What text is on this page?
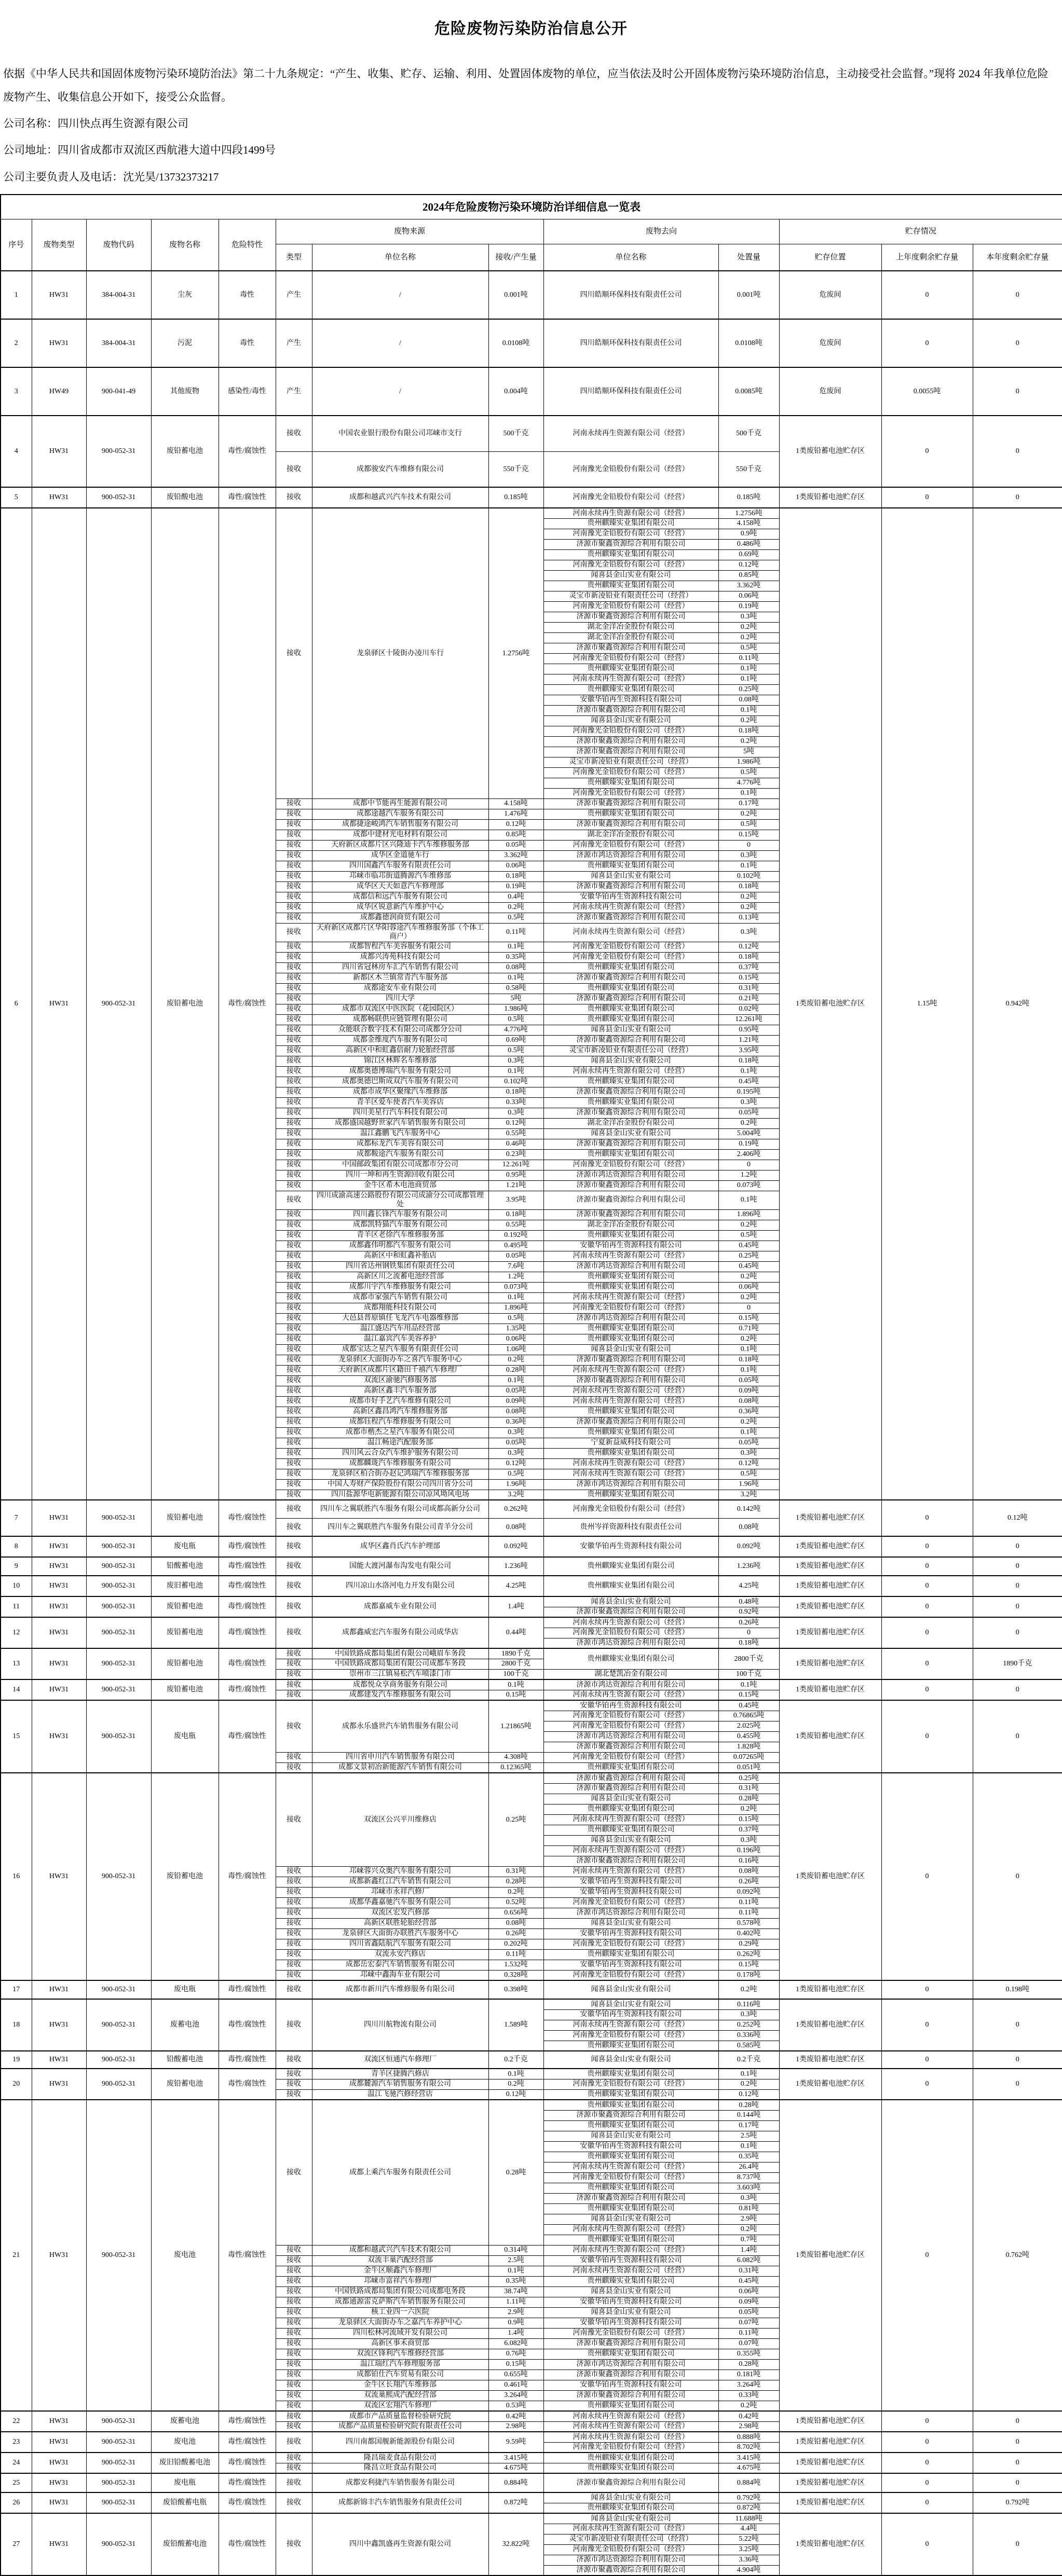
危险废物污染防治信息公开

依据《中华人民共和国固体废物污染环境防治法》第二十九条规定：“产生、收集、贮存、运输、利用、处置固体废物的单位，应当依法及时公开固体废物污染环境防治信息，主动接受社会监督。”现将 2024 年我单位危险废物产生、收集信息公开如下，接受公众监督。

公司名称：四川快点再生资源有限公司

公司地址：四川省成都市双流区西航港大道中四段1499号

公司主要负责人及电话：沈光昊/13732373217

2024年危险废物污染环境防治详细信息一览表												
序号	废物类型	废物代码	废物名称	危险特性	废物来源			废物去向		贮存情况		
					类型	单位名称	接收/产生量	单位名称	处置量	贮存位置	上年度剩余贮存量	本年度剩余贮存量
1	HW31	384-004-31	尘灰	毒性	产生	/	0.001吨	四川皓顺环保科技有限责任公司	0.001吨	危废间	0	0
2	HW31	384-004-31	污泥	毒性	产生	/	0.0108吨	四川皓顺环保科技有限责任公司	0.0108吨	危废间	0	0
3	HW49	900-041-49	其他废物	感染性/毒性	产生	/	0.004吨	四川皓顺环保科技有限责任公司	0.0085吨	危废间	0.0055吨	0
4	HW31	900-052-31	废铅蓄电池	毒性/腐蚀性	接收	中国农业银行股份有限公司邛崃市支行	500千克	河南永续再生资源有限公司（经营）	500千克	1类废铅蓄电池贮存区	0	0
					接收	成都骏安汽车维修有限公司	550千克	河南豫光金铅股份有限公司（经营）	550千克			
5	HW31	900-052-31	废铅酸电池	毒性/腐蚀性	接收	成都和越武兴汽车技术有限公司	0.185吨	河南豫光金铅股份有限公司（经营）	0.185吨	1类废铅蓄电池贮存区	0	0
6	HW31	900-052-31	废铅蓄电池	毒性/腐蚀性	接收	龙泉驿区十陵街办凌川车行	1.2756吨	河南永续再生资源有限公司（经营）	1.2756吨	1类废铅蓄电池贮存区	1.15吨	0.942吨
								贵州麒臻实业集团有限公司	4.158吨			
								河南豫光金铅股份有限公司（经营）	0.9吨			
								济源市聚鑫资源综合利用有限公司	0.486吨			
								贵州麒臻实业集团有限公司	0.69吨			
								河南豫光金铅股份有限公司（经营）	0.12吨			
								闻喜县金山实业有限公司	0.85吨			
								贵州麒臻实业集团有限公司	3.362吨			
								灵宝市新凌铅业有限责任公司（经营）	0.06吨			
								河南豫光金铅股份有限公司（经营）	0.19吨			
								济源市聚鑫资源综合利用有限公司	0.3吨			
								湖北金洋冶金股份有限公司	0.2吨			
								湖北金洋冶金股份有限公司	0.2吨			
								济源市聚鑫资源综合利用有限公司	0.5吨			
								河南豫光金铅股份有限公司（经营）	0.11吨			
								贵州麒臻实业集团有限公司	0.1吨			
								河南永续再生资源有限公司（经营）	0.1吨			
								贵州麒臻实业集团有限公司	0.25吨			
								安徽华铂再生资源科技有限公司	0.08吨			
								济源市聚鑫资源综合利用有限公司	0.1吨			
								闻喜县金山实业有限公司	0.2吨			
								河南豫光金铅股份有限公司（经营）	0.18吨			
								济源市聚鑫资源综合利用有限公司	0.2吨			
								济源市聚鑫资源综合利用有限公司	5吨			
								灵宝市新凌铅业有限责任公司（经营）	1.986吨			
								河南豫光金铅股份有限公司（经营）	0.5吨			
								贵州麒臻实业集团有限公司	4.776吨			
								河南豫光金铅股份有限公司（经营）	0.1吨			
					接收	成都中节能再生能源有限公司	4.158吨	济源市聚鑫资源综合利用有限公司	0.17吨			
					接收	成都途越汽车服务有限公司	1.476吨	贵州麒臻实业集团有限公司	0.2吨			
					接收	成都捷途峻鸿汽车销售服务有限公司	0.12吨	济源市聚鑫资源综合利用有限公司	0.5吨			
					接收	成都中建材光电材料有限公司	0.85吨	湖北金洋冶金股份有限公司	0.15吨			
					接收	天府新区成都片区兴隆迪卡汽车维修服务部	0.05吨	河南豫光金铅股份有限公司（经营）	0			
					接收	成华区金道驰车行	3.362吨	济源市鸿达资源综合利用有限公司	0.3吨			
					接收	四川国鑫汽车服务有限责任公司	0.06吨	贵州麒臻实业集团有限公司	0.1吨			
					接收	邛崃市临邛街道腾源汽车维修部	0.18吨	闻喜县金山实业有限公司	0.102吨			
					接收	成华区天天如意汽车修理部	0.19吨	济源市聚鑫资源综合利用有限公司	0.18吨			
					接收	成都信和远汽车服务有限公司	0.4吨	安徽华铂再生资源科技有限公司	0.2吨			
					接收	成华区锐意新汽车维护中心	0.2吨	河南永续再生资源有限公司（经营）	0.2吨			
					接收	成都鑫德润商贸有限公司	0.5吨	济源市聚鑫资源综合利用有限公司	0.13吨			
					接收	天府新区成都片区华阳蓉途汽车维修服务部（个体工商户）	0.11吨	河南永续再生资源有限公司（经营）	0.3吨			
					接收	成都智程汽车美容服务有限公司	0.1吨	河南豫光金铅股份有限公司（经营）	0.12吨			
					接收	成都兴涛苑科技有限公司	0.35吨	河南豫光金铅股份有限公司（经营）	0.18吨			
					接收	四川省冠林房车汇汽车销售有限公司	0.08吨	贵州麒臻实业集团有限公司	0.37吨			
					接收	新都区木兰镇常青汽车服务部	0.1吨	济源市聚鑫资源综合利用有限公司	0.15吨			
					接收	成都途安车业有限公司	0.58吨	贵州麒臻实业集团有限公司	0.31吨			
					接收	四川大学	5吨	济源市聚鑫资源综合利用有限公司	0.21吨			
					接收	成都市双流区中医医院（花园院区）	1.986吨	贵州麒臻实业集团有限公司	0.02吨			
					接收	成都畅联供应链管理有限公司	0.5吨	贵州麒臻实业集团有限公司	12.261吨			
					接收	众能联合数字技术有限公司成都分公司	4.776吨	闻喜县金山实业有限公司	0.95吨			
					接收	成都金维度汽车服务有限公司	0.69吨	济源市聚鑫资源综合利用有限公司	1.21吨			
					接收	高新区中和虹鑫倍耐力轮胎经营部	0.5吨	灵宝市新凌铅业有限责任公司（经营）	3.95吨			
					接收	锦江区林辉名车维修部	0.3吨	闻喜县金山实业有限公司	0.18吨			
					接收	成都奥德博瑞汽车服务有限公司	0.1吨	河南永续再生资源有限公司（经营）	0.1吨			
					接收	成都奥德巴斯成双汽车服务有限公司	0.102吨	贵州麒臻实业集团有限公司	0.45吨			
					接收	成都市成华区聚缘汽车维修部	0.18吨	济源市聚鑫资源综合利用有限公司	0.195吨			
					接收	青羊区爱车使者汽车美容店	0.33吨	贵州麒臻实业集团有限公司	0.3吨			
					接收	四川美星行汽车科技有限公司	0.3吨	济源市聚鑫资源综合利用有限公司	0.05吨			
					接收	成都盛国越野世家汽车销售服务有限公司	0.12吨	湖北金洋冶金股份有限公司	0.2吨			
					接收	温江鑫鹏飞汽车服务中心	0.55吨	闻喜县金山实业有限公司	5.004吨			
					接收	成都标龙汽车美容有限公司	0.46吨	济源市聚鑫资源综合利用有限公司	0.19吨			
					接收	成都鞍途汽车服务有限公司	0.23吨	贵州麒臻实业集团有限公司	2.406吨			
					接收	中国邮政集团有限公司成都市分公司	12.261吨	河南豫光金铅股份有限公司（经营）	0			
					接收	四川一坤和再生资源回收有限公司	0.95吨	济源市鸿达资源综合利用有限公司	1.2吨			
					接收	金牛区希木电池商贸部	1.21吨	济源市聚鑫资源综合利用有限公司	0.073吨			
					接收	四川成渝高速公路股份有限公司成渝分公司成都管理处	3.95吨	济源市聚鑫资源综合利用有限公司	0.1吨			
					接收	四川鑫长锋汽车服务有限公司	0.18吨	济源市聚鑫资源综合利用有限公司	1.896吨			
					接收	成都凯特猫汽车服务有限公司	0.55吨	湖北金洋冶金股份有限公司	0.2吨			
					接收	青羊区老徐汽车维修服务部	0.192吨	贵州麒臻实业集团有限公司	0.5吨			
					接收	成都鑫伟明都汽车服务有限公司	0.495吨	安徽华铂再生资源科技有限公司	0.45吨			
					接收	高新区中和虹鑫补胎店	0.05吨	河南永续再生资源有限公司（经营）	0.25吨			
					接收	四川省达州钢铁集团有限责任公司	7.6吨	济源市鸿达资源综合利用有限公司	0.45吨			
					接收	高新区川之流蓄电池经营部	1.2吨	贵州麒臻实业集团有限公司	0.2吨			
					接收	成都川宇汽车维修服务有限公司	0.073吨	贵州麒臻实业集团有限公司	0.06吨			
					接收	成都市家强汽车销售有限公司	0.1吨	河南永续再生资源有限公司（经营）	0.2吨			
					接收	成都翔能科技有限公司	1.896吨	河南豫光金铅股份有限公司（经营）	0			
					接收	大邑县晋原镇任飞龙汽车电器维修部	0.5吨	济源市鸿达资源综合利用有限公司	0.15吨			
					接收	温江盛达汽车用品经营部	1.35吨	贵州麒臻实业集团有限公司	0.71吨			
					接收	温江嘉宾汽车美容养护	0.06吨	贵州麒臻实业集团有限公司	0.2吨			
					接收	成都宝达之星汽车服务有限责任公司	1.06吨	闻喜县金山实业有限公司	0.1吨			
					接收	龙泉驿区大面街办车之喜汽车服务中心	0.2吨	济源市聚鑫资源综合利用有限公司	0.18吨			
					接收	天府新区成都片区籍田千禧汽车修理厂	0.28吨	河南永续再生资源有限公司（经营）	0.1吨			
					接收	双流区渝驰汽修服务部	0.1吨	济源市聚鑫资源综合利用有限公司	0.05吨			
					接收	高新区鑫丰汽车服务部	0.05吨	河南永续再生资源有限公司（经营）	0.09吨			
					接收	成都市好手艺汽车维修有限公司	0.09吨	河南永续再生资源有限公司（经营）	0.08吨			
					接收	高新区鑫昌鸿汽车维修服务部	0.08吨	贵州麒臻实业集团有限公司	0.36吨			
					接收	成都钰程汽车维修服务有限公司	0.36吨	济源市聚鑫资源综合利用有限公司	0.2吨			
					接收	成都市楷杰之星汽车服务有限公司	0.3吨	贵州麒臻实业集团有限公司	0.1吨			
					接收	温江畅途汽配服务部	0.05吨	宁夏新益威科技有限公司	0.05吨			
					接收	四川风云合众汽车维护服务有限公司	0.3吨	贵州麒臻实业集团有限公司	0.3吨			
					接收	成都麟珑汽车维修服务有限公司	0.12吨	河南永续再生资源有限公司（经营）	0.12吨			
					接收	龙泉驿区柏合街办赵记鸿瑞汽车维修服务部	0.5吨	河南永续再生资源有限公司（经营）	0.5吨			
					接收	中国人寿财产保险股份有限公司四川省分公司	1.96吨	济源市鸿达资源综合利用有限公司	1.96吨			
					接收	四川盐源华电新能源有限公司凉风坳风电场	3.2吨	贵州麒臻实业集团有限公司	3.2吨			
7	HW31	900-052-31	废铅蓄电池	毒性/腐蚀性	接收	四川车之翼联胜汽车服务有限公司成都高新分公司	0.262吨	河南豫光金铅股份有限公司（经营）	0.142吨	1类废铅蓄电池贮存区	0	0.12吨
					接收	四川车之翼联胜汽车服务有限公司青羊分公司	0.08吨	贵州岑祥资源科技有限责任公司	0.08吨			
8	HW31	900-052-31	废电瓶	毒性/腐蚀性	接收	成华区鑫肖氏汽车护理部	0.092吨	安徽华铂再生资源科技有限公司	0.092吨	1类废铅蓄电池贮存区	0	0
9	HW31	900-052-31	铅酸蓄电池	毒性/腐蚀性	接收	国能大渡河瀑布沟发电有限公司	1.236吨	贵州麒臻实业集团有限公司	1.236吨	1类废铅蓄电池贮存区	0	0
10	HW31	900-052-31	废旧蓄电池	毒性/腐蚀性	接收	四川凉山水洛河电力开发有限公司	4.25吨	贵州麒臻实业集团有限公司	4.25吨	1类废铅蓄电池贮存区	0	0
11	HW31	900-052-31	废铅蓄电池	毒性/腐蚀性	接收	成都嘉威车业有限公司	1.4吨	闻喜县金山实业有限公司	0.48吨	1类废铅蓄电池贮存区	0	0
								济源市聚鑫资源综合利用有限公司	0.92吨			
12	HW31	900-052-31	废铅蓄电池	毒性/腐蚀性	接收	成都鑫威宏汽车服务有限公司成华店	0.44吨	河南永续再生资源有限公司（经营）	0.26吨	1类废铅蓄电池贮存区	0	0
								河南豫光金铅股份有限公司（经营）	0			
								济源市鸿达资源综合利用有限公司	0.18吨			
13	HW31	900-052-31	废铅蓄电池	毒性/腐蚀性	接收	中国铁路成都局集团有限公司峨眉车务段	1890千克	贵州麒臻实业集团有限公司	2800千克	1类废铅蓄电池贮存区	0	1890千克
					接收	中国铁路成都局集团有限公司成都车务段	2800千克					
					接收	崇州市三江镇易松汽车喷漆门市	100千克	湖北楚凯冶金有限公司	100千克			
14	HW31	900-052-31	废铅蓄电池	毒性/腐蚀性	接收	成都悦众享商务服务有限公司	0.1吨	济源市鸿达资源综合利用有限公司	0.1吨	1类废铅蓄电池贮存区	0	0
					接收	成都建发汽车维修服务有限公司	0.15吨	河南永续再生资源有限公司（经营）	0.15吨			
15	HW31	900-052-31	废电瓶	毒性/腐蚀性	接收	成都永乐盛世汽车销售服务有限公司	1.21865吨	安徽华铂再生资源科技有限公司	0.45吨	1类废铅蓄电池贮存区	0	0
								河南豫光金铅股份有限公司（经营）	0.76865吨			
								河南豫光金铅股份有限公司（经营）	2.025吨			
								济源市鸿达资源综合利用有限公司	0.455吨			
								济源市聚鑫资源综合利用有限公司	1.828吨			
					接收	四川省申川汽车销售服务有限公司	4.308吨	河南豫光金铅股份有限公司（经营）	0.07265吨			
					接收	成都文景初冶新能源汽车销售有限公司	0.12365吨	贵州麒臻实业集团有限公司	0.051吨			
16	HW31	900-052-31	废铅蓄电池	毒性/腐蚀性	接收	双流区公兴平川维修店	0.25吨	济源市聚鑫资源综合利用有限公司	0.25吨	1类废铅蓄电池贮存区	0	0
								济源市聚鑫资源综合利用有限公司	0.31吨			
								闻喜县金山实业有限公司	0.28吨			
								贵州麒臻实业集团有限公司	0.2吨			
								河南永续再生资源有限公司（经营）	0.15吨			
								贵州麒臻实业集团有限公司	0.37吨			
								闻喜县金山实业有限公司	0.3吨			
								河南永续再生资源有限公司（经营）	0.196吨			
								济源市聚鑫资源综合利用有限公司	0.16吨			
					接收	邛崃蓉兴众奥汽车服务有限公司	0.31吨	河南永续再生资源有限公司（经营）	0.08吨			
					接收	成都新鑫红江汽车销售有限公司	0.28吨	安徽华铂再生资源科技有限公司	0.26吨			
					接收	邛崃市永祥汽修厂	0.2吨	安徽华铂再生资源科技有限公司	0.092吨			
					接收	成都华鑫嘉驰汽车服务有限公司	0.52吨	河南豫光金铅股份有限公司（经营）	0.11吨			
					接收	双流区宏发汽修部	0.656吨	济源市鸿达资源综合利用有限公司	0.11吨			
					接收	高新区联胜轮胎经营部	0.08吨	闻喜县金山实业有限公司	0.578吨			
					接收	龙泉驿区大面街办联胜汽车服务中心	0.26吨	安徽华铂再生资源科技有限公司	0.402吨			
					接收	四川省鑫陆航汽车服务有限公司	0.202吨	河南豫光金铅股份有限公司（经营）	0.29吨			
					接收	双流永安汽修店	0.11吨	贵州麒臻实业集团有限公司	0.262吨			
					接收	成都岳宏泰汽车销售服务有限公司	1.532吨	安徽华铂再生资源科技有限公司	0.15吨			
					接收	邛崃中鑫海车业有限公司	0.328吨	河南豫光金铅股份有限公司（经营）	0.178吨			
17	HW31	900-052-31	废电瓶	毒性/腐蚀性	接收	成都市新川汽车维修服务有限公司	0.398吨	闻喜县金山实业有限公司	0.2吨	1类废铅蓄电池贮存区	0	0.198吨
18	HW31	900-052-31	废蓄电池	毒性/腐蚀性	接收	四川川航物流有限公司	1.589吨	闻喜县金山实业有限公司	0.116吨	1类废铅蓄电池贮存区	0	0
								安徽华铂再生资源科技有限公司	0.3吨			
								河南永续再生资源有限公司（经营）	0.252吨			
								河南豫光金铅股份有限公司（经营）	0.336吨			
								贵州麒臻实业集团有限公司	0.585吨			
19	HW31	900-052-31	铅酸蓄电池	毒性/腐蚀性	接收	双流区恒通汽车修理厂	0.2千克	闻喜县金山实业有限公司	0.2千克	1类废铅蓄电池贮存区	0	0
20	HW31	900-052-31	废铅蓄电池	毒性/腐蚀性	接收	青羊区捷腾汽修店	0.1吨	贵州麒臻实业集团有限公司	0.1吨	1类废铅蓄电池贮存区	0	0
					接收	成都麓源汽车销售服务有限公司	0.2吨	河南豫光金铅股份有限公司（经营）	0.2吨			
					接收	温江飞驰汽修经营店	0.12吨	贵州麒臻实业集团有限公司	0.12吨			
21	HW31	900-052-31	废电池	毒性/腐蚀性	接收	成都上乘汽车服务有限责任公司	0.28吨	贵州麒臻实业集团有限公司	0.28吨	1类废铅蓄电池贮存区	0	0.762吨
								济源市聚鑫资源综合利用有限公司	0.144吨			
								贵州麒臻实业集团有限公司	0.17吨			
								闻喜县金山实业有限公司	2.5吨			
								安徽华铂再生资源科技有限公司	0.1吨			
								贵州麒臻实业集团有限公司	0.35吨			
								河南永续再生资源有限公司（经营）	26.4吨			
								河南豫光金铅股份有限公司（经营）	8.737吨			
								贵州麒臻实业集团有限公司	3.603吨			
								济源市聚鑫资源综合利用有限公司	0.3吨			
								贵州麒臻实业集团有限公司	0.81吨			
								闻喜县金山实业有限公司	2.9吨			
								河南永续再生资源有限公司（经营）	0.2吨			
								贵州麒臻实业集团有限公司	0.7吨			
					接收	成都和越武兴汽车技术有限公司	0.314吨	河南永续再生资源有限公司（经营）	1.4吨			
					接收	双流丰巢汽配经营部	2.5吨	安徽华铂再生资源科技有限公司	6.082吨			
					接收	金牛区顺鑫汽车修理厂	0.1吨	河南永续再生资源有限公司（经营）	0.31吨			
					接收	邛崃市富祥汽车修理厂	0.35吨	贵州麒臻实业集团有限公司	0.45吨			
					接收	中国铁路成都局集团有限公司成都电务段	38.74吨	闻喜县金山实业有限公司	0.06吨			
					接收	成都通源雷克萨斯汽车销售服务有限公司	1.11吨	安徽华铂再生资源科技有限公司	0.09吨			
					接收	核工业四一六医院	2.9吨	闻喜县金山实业有限公司	0.05吨			
					接收	龙泉驿区大面街办车之嘉汽车养护中心	0.9吨	安徽华铂再生资源科技有限公司	0.07吨			
					接收	四川松林河流域开发有限公司	1.4吨	河南豫光金铅股份有限公司（经营）	0.11吨			
					接收	高新区事禾商贸部	6.082吨	济源市聚鑫资源综合利用有限公司	0.07吨			
					接收	双流区锋利汽车维修经营部	0.76吨	贵州麒臻实业集团有限公司	0.355吨			
					接收	温江瑞红汽车修理服务部	0.15吨	济源市鸿达资源综合利用有限公司	0.28吨			
					接收	成都铂仕汽车贸易有限公司	0.655吨	济源市聚鑫资源综合利用有限公司	0.181吨			
					接收	金牛区长翔汽车维修部	0.461吨	安徽华铂再生资源科技有限公司	3.264吨			
					接收	双流巢熙成汽配经营部	3.264吨	济源市聚鑫资源综合利用有限公司	0.33吨			
					接收	双流区宏翔汽车修理厂	0.53吨	贵州麒臻实业集团有限公司	0.2吨			
22	HW31	900-052-31	废蓄电池	毒性/腐蚀性	接收	成都市产品质量监督检验研究院	0.42吨	河南永续再生资源有限公司（经营）	0.42吨	1类废铅蓄电池贮存区	0	0
					接收	成都产品质量检验研究院有限责任公司	2.98吨	河南永续再生资源有限公司（经营）	2.98吨			
23	HW31	900-052-31	废电池	毒性/腐蚀性	接收	四川南都国舰新能源股份有限公司	9.59吨	河南永续再生资源有限公司（经营）	0.888吨	1类废铅蓄电池贮存区	0	0
								河南豫光金铅股份有限公司（经营）	8.702吨			
24	HW31	900-052-31	废旧铅酸蓄电池	毒性/腐蚀性	接收	隆昌瑞麦食品有限公司	3.415吨	贵州麒臻实业集团有限公司	3.415吨	1类废铅蓄电池贮存区	0	0
					接收	隆昌立旺食品有限公司	4.675吨	贵州麒臻实业集团有限公司	4.675吨			
25	HW31	900-052-31	废电瓶	毒性/腐蚀性	接收	成都安利捷汽车销售服务有限公司	0.884吨	济源市聚鑫资源综合利用有限公司	0.884吨	1类废铅蓄电池贮存区	0	0
26	HW31	900-052-31	废铅酸蓄电瓶	毒性/腐蚀性	接收	成都新锦丰汽车销售服务有限责任公司	0.872吨	闻喜县金山实业有限公司	0.792吨	1类废铅蓄电池贮存区	0	0.792吨
								贵州麒臻实业集团有限公司	0.872吨			
27	HW31	900-052-31	废铅酸蓄电池	毒性/腐蚀性	接收	四川中鑫凯盛再生资源有限公司	32.822吨	闻喜县金山实业有限公司	11.688吨	1类废铅蓄电池贮存区	0	0
								河南永续再生资源有限公司（经营）	4.4吨			
								灵宝市新凌铅业有限责任公司（经营）	5.22吨			
								河南豫光金铅股份有限公司（经营）	3.25吨			
								济源市鸿达资源综合利用有限公司	3.36吨			
								济源市聚鑫资源综合利用有限公司	4.904吨			
